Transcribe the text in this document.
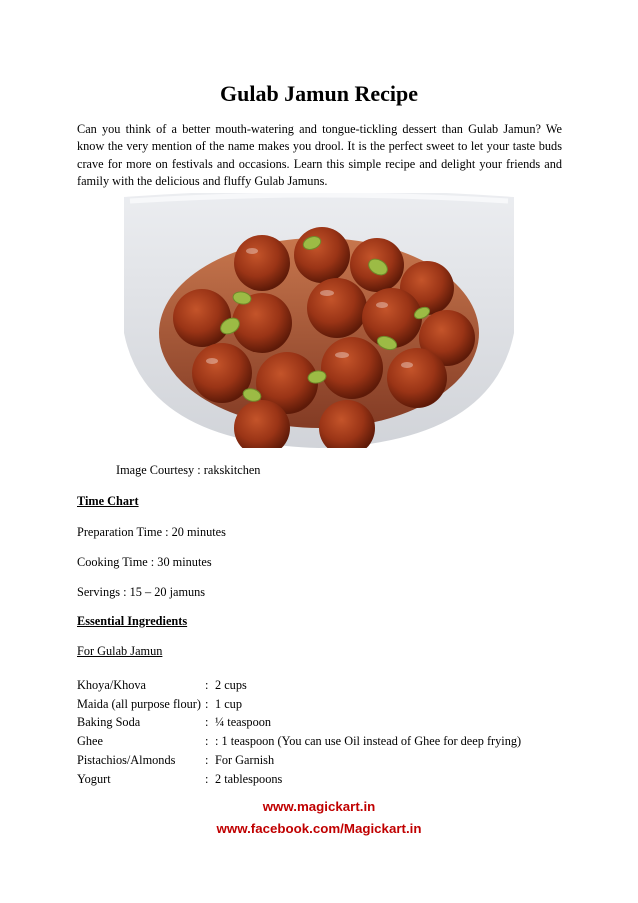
Gulab Jamun Recipe

Can you think of a better mouth-watering and tongue-tickling dessert than Gulab Jamun? We know the very mention of the name makes you drool. It is the perfect sweet to let your taste buds crave for more on festivals and occasions. Learn this simple recipe and delight your friends and family with the delicious and fluffy Gulab Jamuns.

Image Courtesy : rakskitchen
Time Chart
Preparation Time : 20 minutes
Cooking Time : 30 minutes
Servings : 15 – 20 jamuns
Essential Ingredients
For Gulab Jamun
Khoya/Khova	: 2 cups
Maida (all purpose flour) : 1 cup
Baking Soda	: ¼ teaspoon
Ghee	: : 1 teaspoon (You can use Oil instead of Ghee for deep frying)
Pistachios/Almonds	: For Garnish
Yogurt	: 2 tablespoons
www.magickart.in
www.facebook.com/Magickart.in
